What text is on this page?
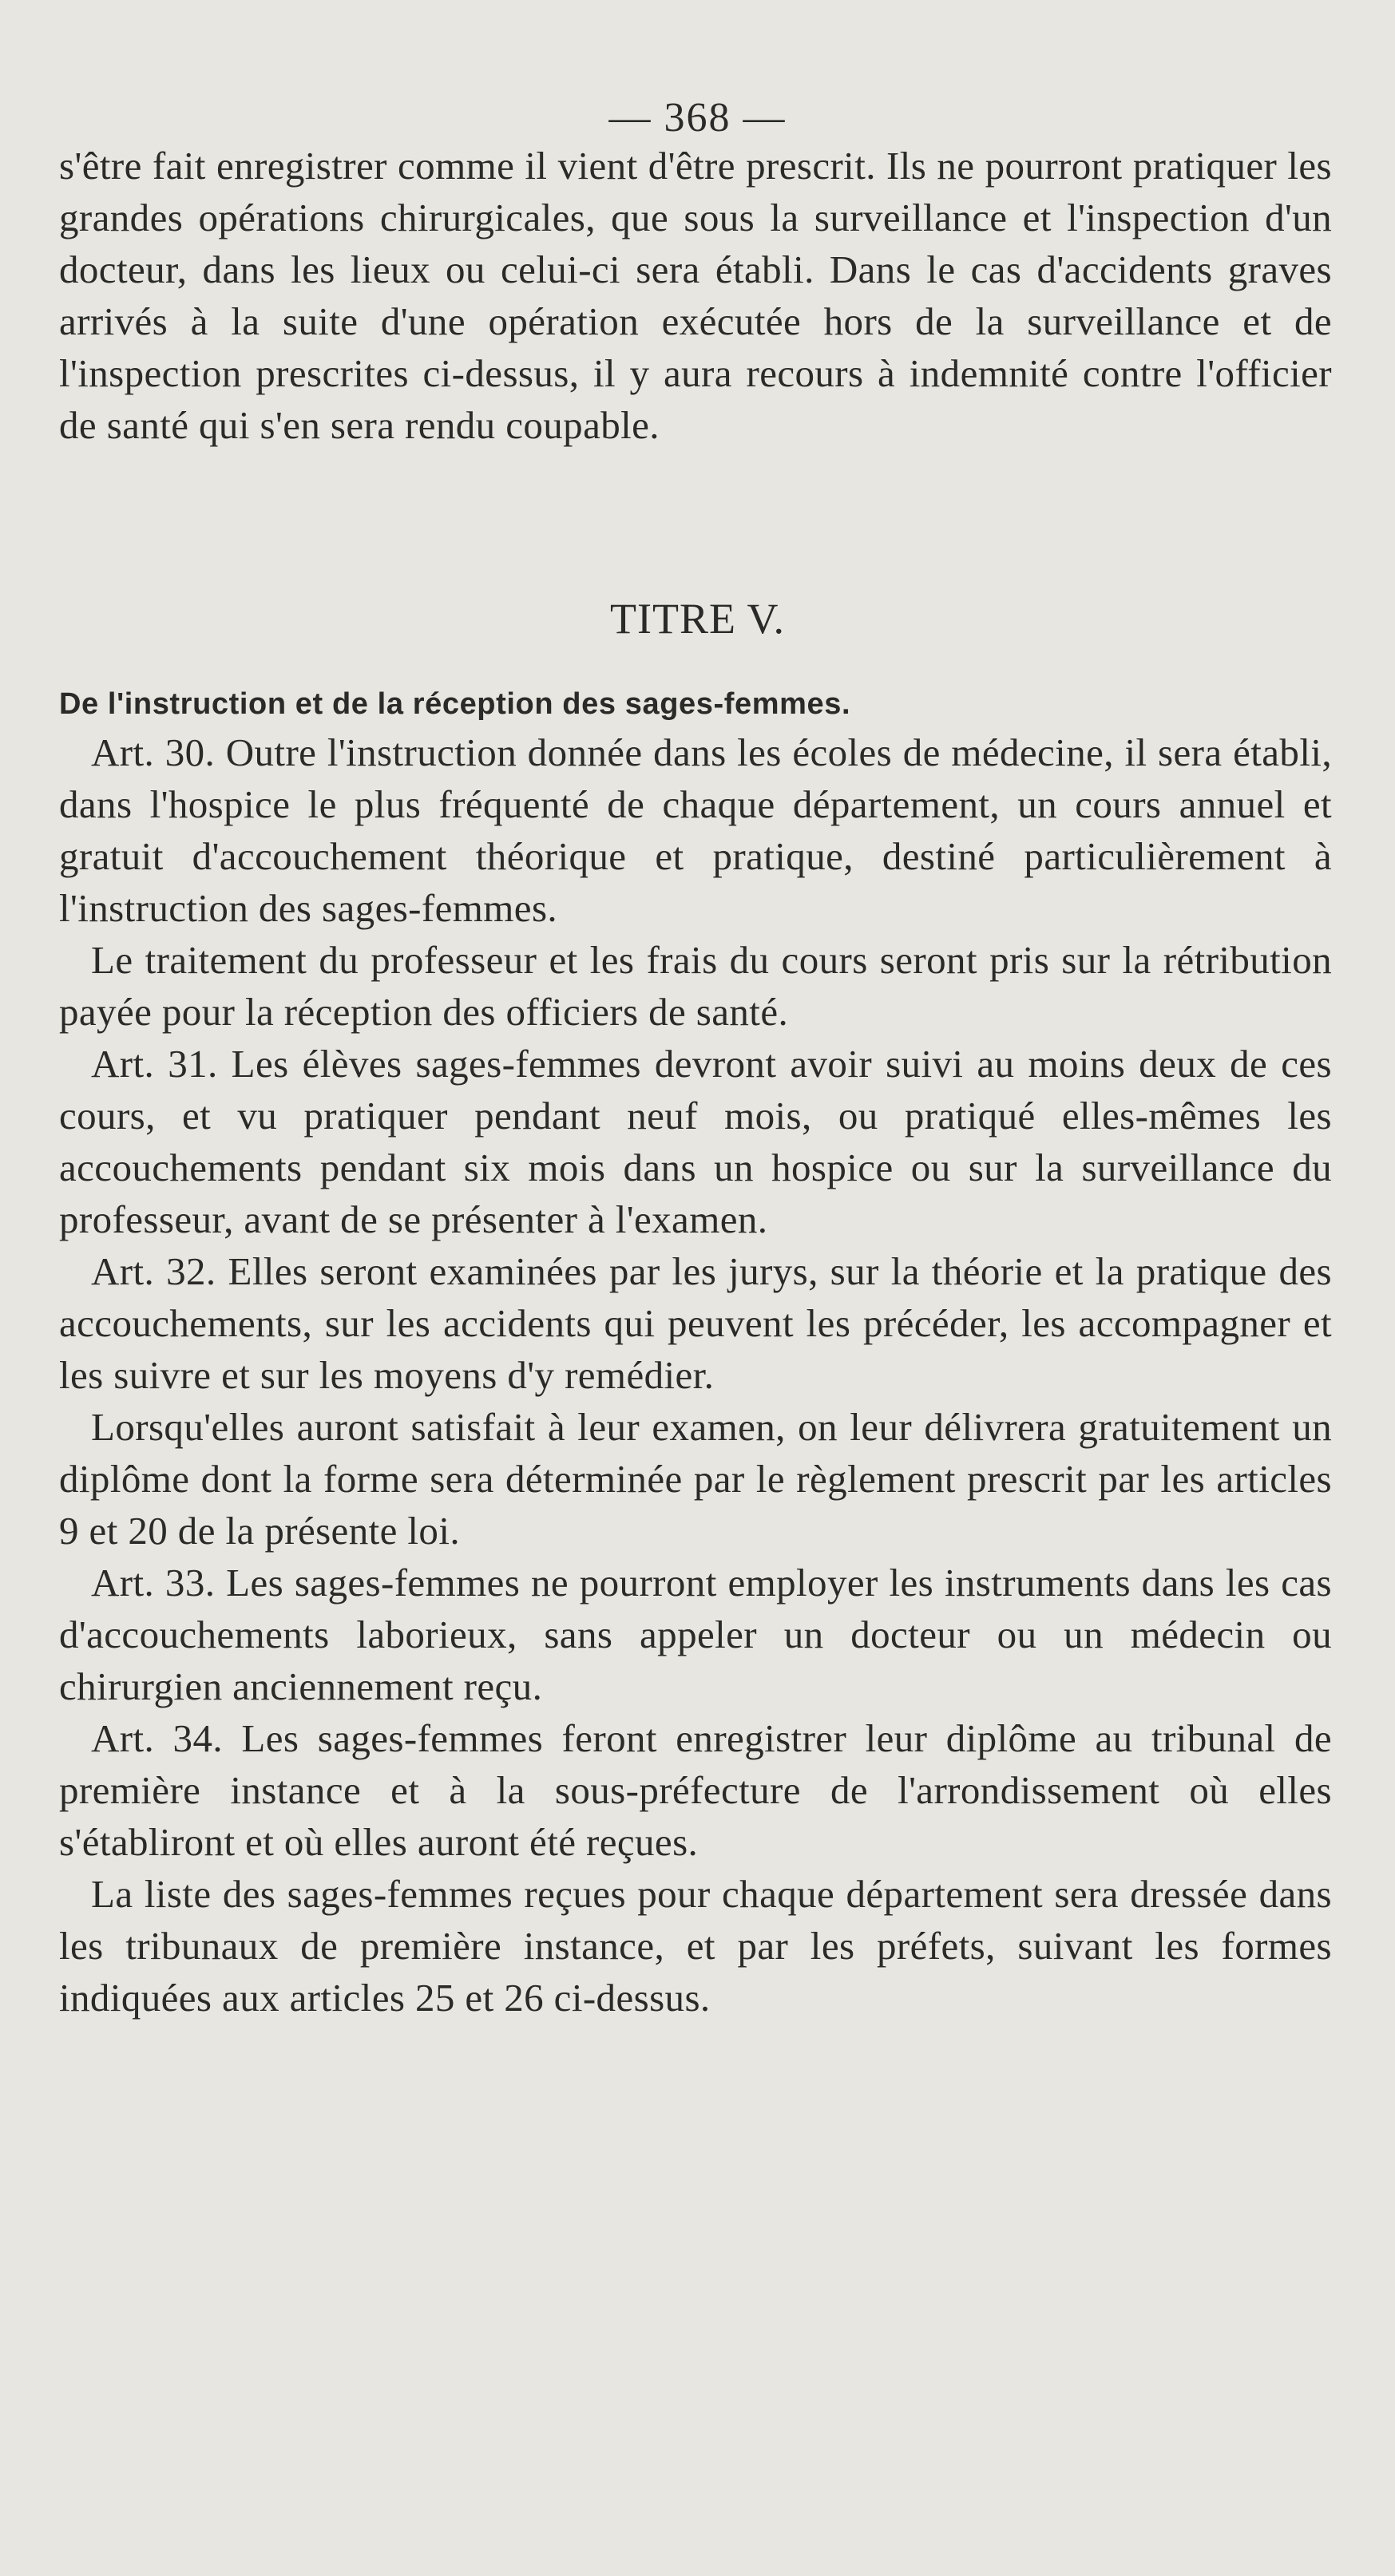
— 368 —

s'être fait enregistrer comme il vient d'être prescrit. Ils ne pourront pratiquer les grandes opérations chirurgicales, que sous la surveillance et l'inspection d'un docteur, dans les lieux ou celui-ci sera établi. Dans le cas d'accidents graves arrivés à la suite d'une opération exécutée hors de la surveillance et de l'inspection prescrites ci-dessus, il y aura recours à indemnité contre l'officier de santé qui s'en sera rendu coupable.

TITRE V.
De l'instruction et de la réception des sages-femmes.

Art. 30. Outre l'instruction donnée dans les écoles de médecine, il sera établi, dans l'hospice le plus fréquenté de chaque département, un cours annuel et gratuit d'accouchement théorique et pratique, destiné particulièrement à l'instruction des sages-femmes.

Le traitement du professeur et les frais du cours seront pris sur la rétribution payée pour la réception des officiers de santé.

Art. 31. Les élèves sages-femmes devront avoir suivi au moins deux de ces cours, et vu pratiquer pendant neuf mois, ou pratiqué elles-mêmes les accouchements pendant six mois dans un hospice ou sur la surveillance du professeur, avant de se présenter à l'examen.

Art. 32. Elles seront examinées par les jurys, sur la théorie et la pratique des accouchements, sur les accidents qui peuvent les précéder, les accompagner et les suivre et sur les moyens d'y remédier.

Lorsqu'elles auront satisfait à leur examen, on leur délivrera gratuitement un diplôme dont la forme sera déterminée par le règlement prescrit par les articles 9 et 20 de la présente loi.

Art. 33. Les sages-femmes ne pourront employer les instruments dans les cas d'accouchements laborieux, sans appeler un docteur ou un médecin ou chirurgien anciennement reçu.

Art. 34. Les sages-femmes feront enregistrer leur diplôme au tribunal de première instance et à la sous-préfecture de l'arrondissement où elles s'établiront et où elles auront été reçues.

La liste des sages-femmes reçues pour chaque département sera dressée dans les tribunaux de première instance, et par les préfets, suivant les formes indiquées aux articles 25 et 26 ci-dessus.
